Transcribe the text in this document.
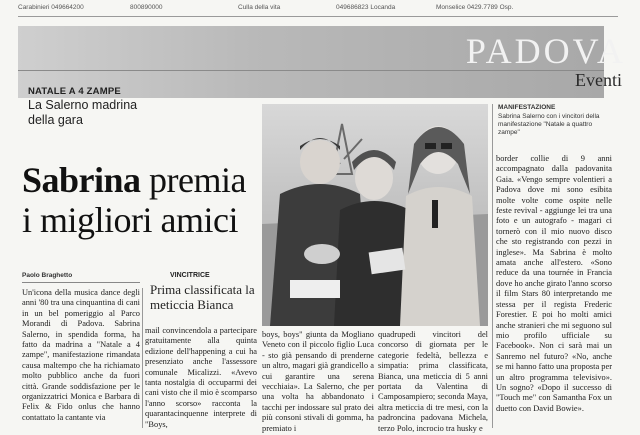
Carabinieri 049664200	800890000	Culla della vita	049686823 Locanda	Monselice 0429.7789 Osp.
PADOVA
Eventi
NATALE A 4 ZAMPE
La Salerno madrina della gara
MANIFESTAZIONE
Sabrina Salerno con i vincitori della manifestazione "Natale a quattro zampe"
Sabrina premia i migliori amici
Paolo Braghetto	VINCITRICE
Prima classificata la meticcia Bianca
Un'icona della musica dance degli anni '80 tra una cinquantina di cani in un bel pomeriggio al Parco Morandi di Padova. Sabrina Salerno, in spendida forma, ha fatto da madrina a "Natale a 4 zampe", manifestazione rimandata causa maltempo che ha richiamato molto pubblico anche da fuori città. Grande soddisfazione per le organizzatrici Monica e Barbara di Felix & Fido onlus che hanno contattato la cantante via
mail convincendola a partecipare gratuitamente alla quinta edizione dell'happening a cui ha presenziato anche l'assessore comunale Micalizzi. «Avevo tanta nostalgia di occuparmi dei cani visto che il mio è scomparso l'anno scorso» racconta la quarantacinquenne interprete di "Boys,
boys, boys" giunta da Mogliano Veneto con il piccolo figlio Luca - sto già pensando di prenderne un altro, magari già grandicello a cui garantire una serena vecchiaia». La Salerno, che per una volta ha abbandonato i tacchi per indossare sul prato dei più consoni stivali di gomma, ha premiato i
quadrupedi vincitori del concorso di giornata per le categorie fedeltà, bellezza e simpatia: prima classificata, Bianca, una meticcia di 5 anni portata da Valentina di Camposampiero; seconda Maya, altra meticcia di tre mesi, con la padroncina padovana Michela, terzo Polo, incrocio tra husky e
border collie di 9 anni accompagnato dalla padovanita Gaia. «Vengo sempre volentieri a Padova dove mi sono esibita molte volte come ospite nelle feste revival - aggiunge lei tra una foto e un autografo - magari ci tornerò con il mio nuovo disco che sto registrando con pezzi in inglese». Ma Sabrina è molto amata anche all'estero. «Sono reduce da una tournée in Francia dove ho anche girato l'anno scorso il film Stars 80 interpretando me stessa per il regista Frederic Forestier. E poi ho molti amici anche stranieri che mi seguono sul mio profilo ufficiale su Facebook». Non ci sarà mai un Sanremo nel futuro? «No, anche se mi hanno fatto una proposta per un altro programma televisivo». Un sogno? «Dopo il successo di "Touch me" con Samantha Fox un duetto con David Bowie».
